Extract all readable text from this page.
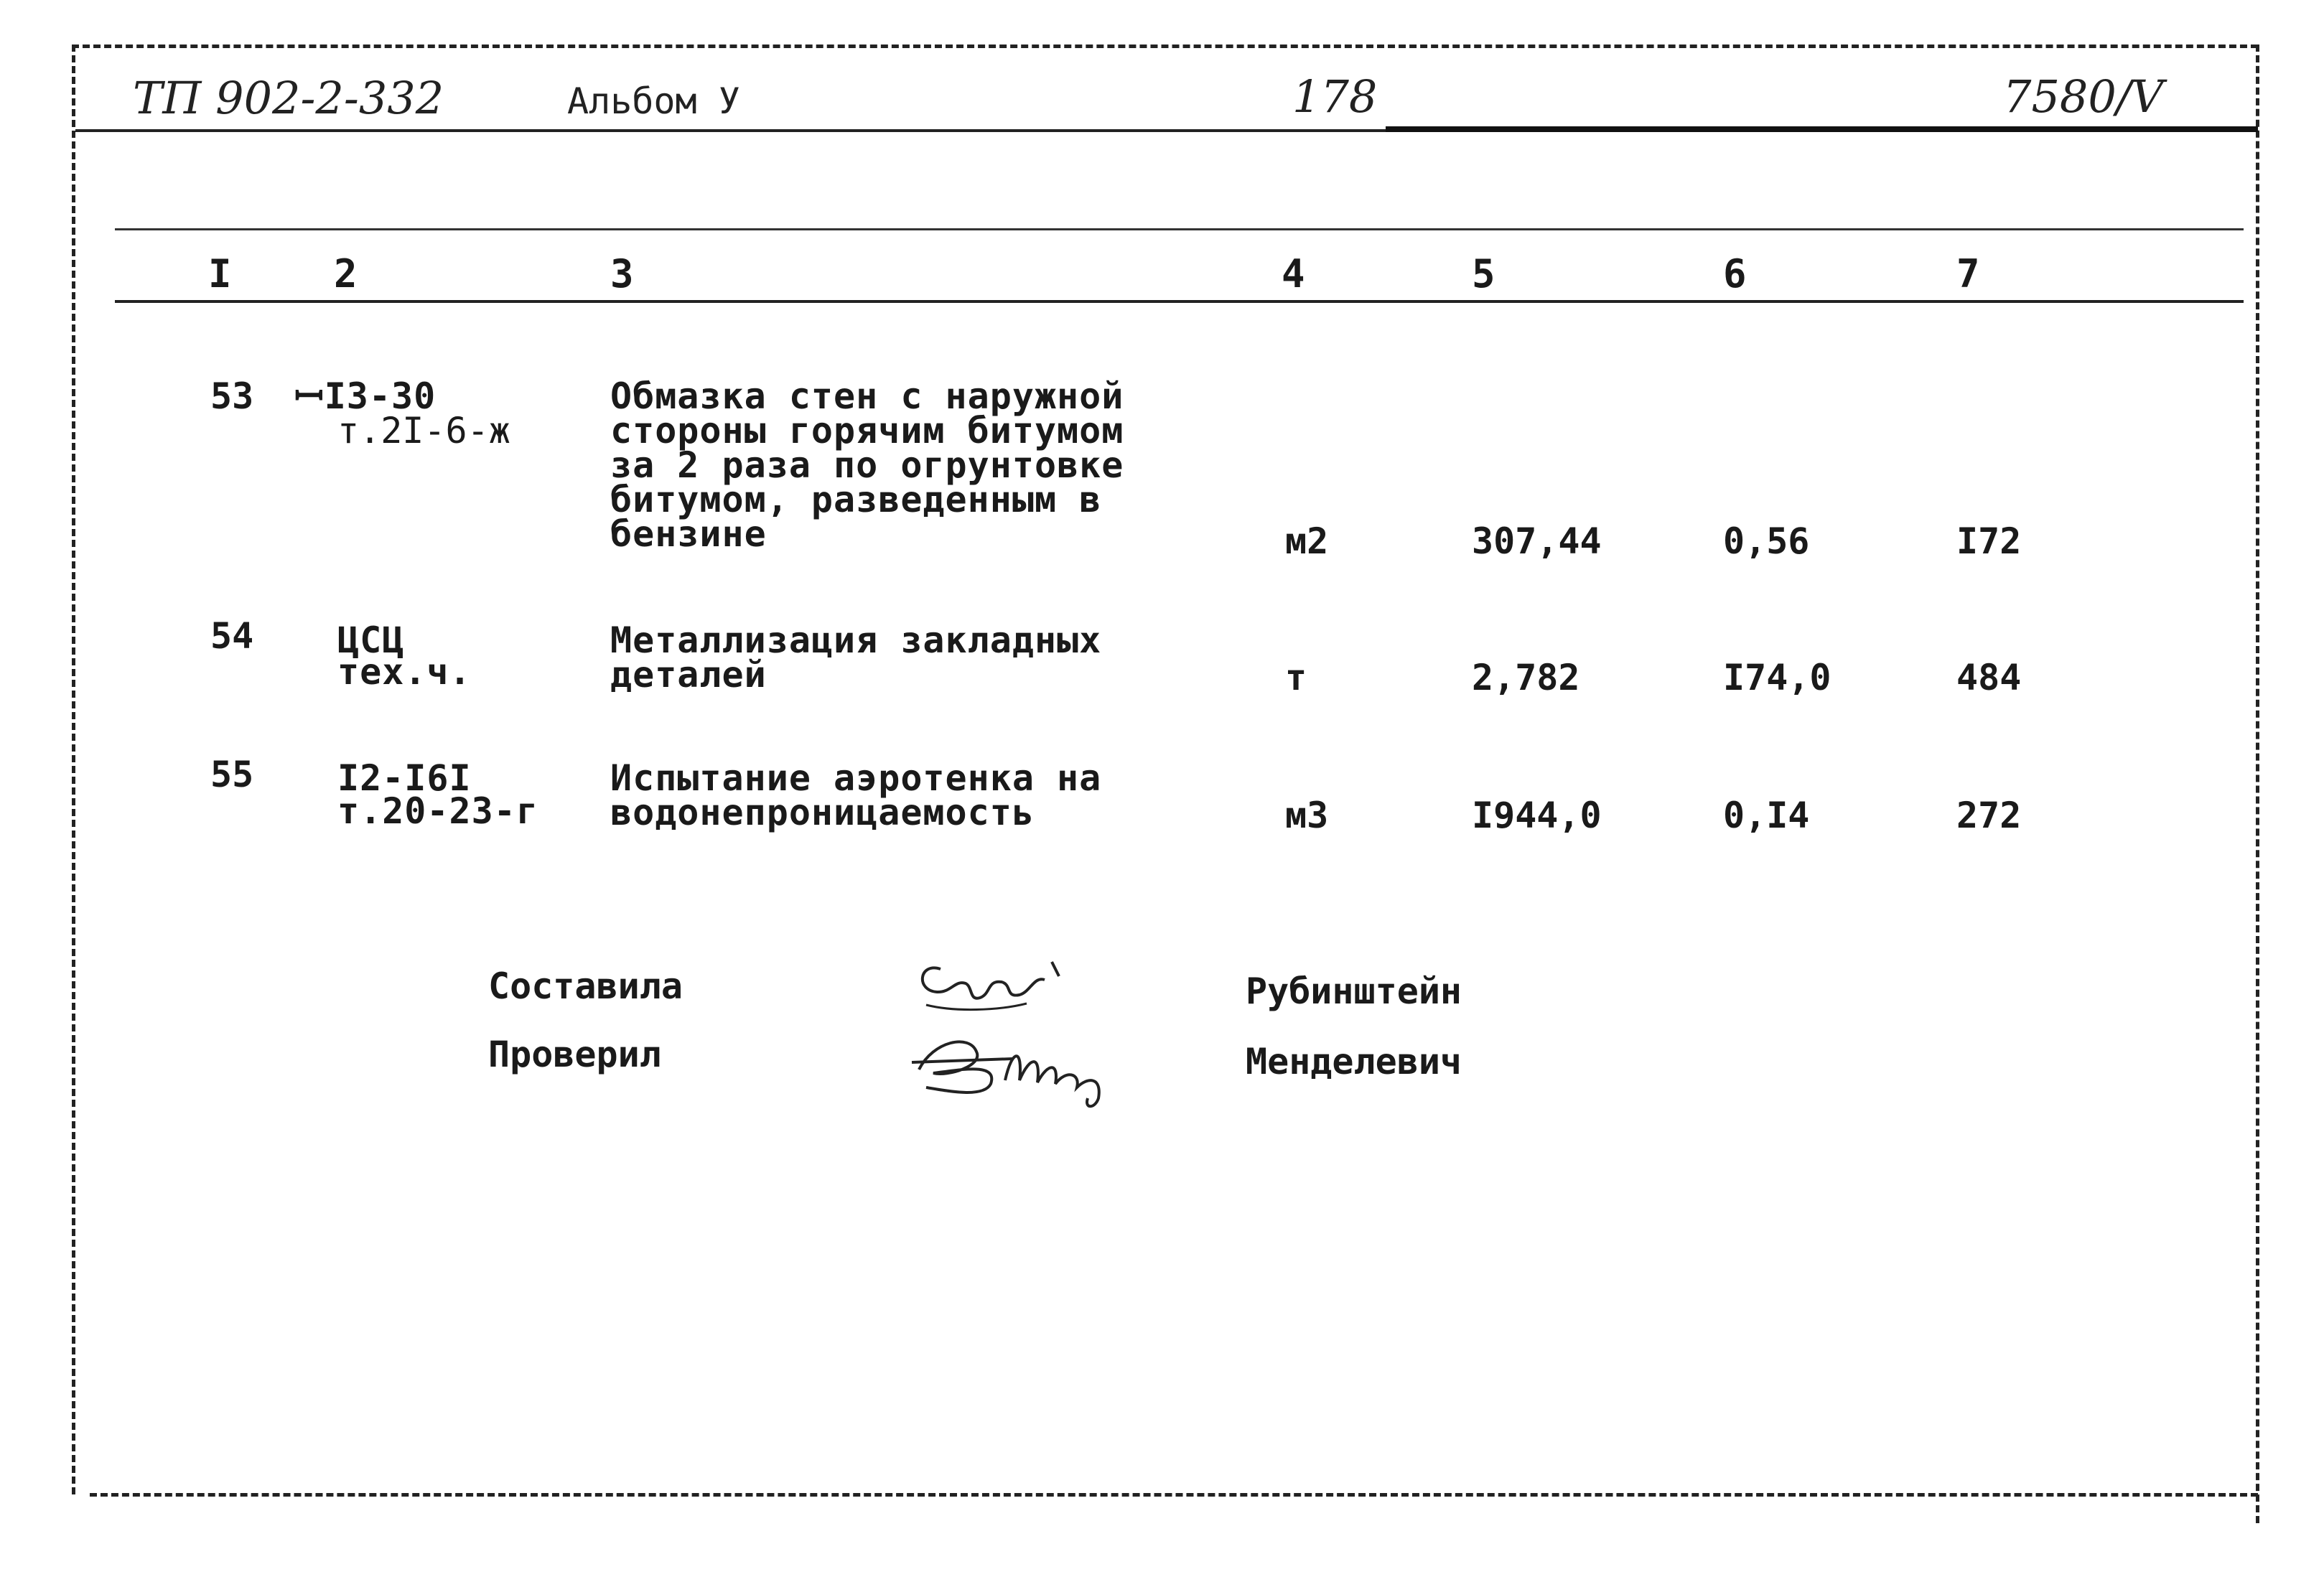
ТП 902-2-332	Альбом У	178	7580/V
I	2	3	4	5	6	7
53 ꟷI3-30
т.2I-6-ж
Обмазка стен с наружной
стороны горячим битумом
за 2 раза по огрунтовке
битумом, разведенным в
бензине	м2	307,44	0,56	I72
54 ЦСЦ
тех.ч.
Металлизация закладных
деталей	т	2,782	I74,0	484
55 I2-I6I
т.20-23-г
Испытание аэротенка на
водонепроницаемость	м3	I944,0	0,I4	272
Составила
Проверил
Рубинштейн
Менделевич
